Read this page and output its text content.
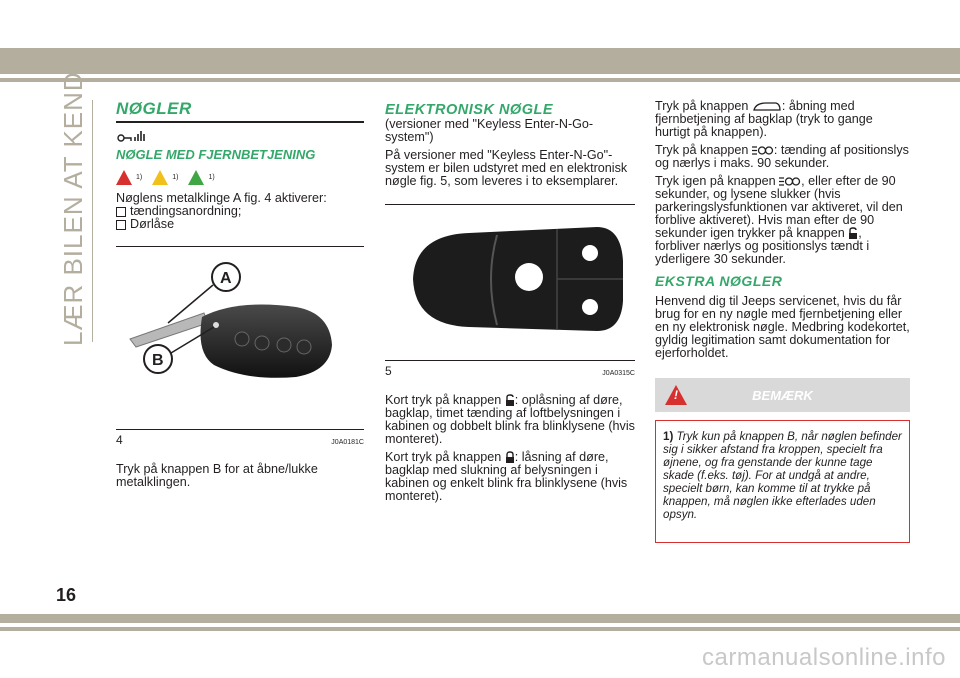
LÆR BILEN AT KENDE NØGLER
NØGLE MED FJERNBETJENING
1)	1)	1)

Nøglens metalklinge A fig. 4 aktiverer:

tændingsanordning;
Dørlåse
A
B
4	J0A0181C

Tryk på knappen B for at åbne/lukke metalklingen.

ELEKTRONISK NØGLE

(versioner med "Keyless Enter-N-Go-system")

På versioner med "Keyless Enter-N-Go"-system er bilen udstyret med en elektronisk nøgle fig. 5, som leveres i to eksemplarer.

5	J0A0315C

Kort tryk på knappen : oplåsning af døre, bagklap, timet tænding af loftbelysningen i kabinen og dobbelt blink fra blinklysene (hvis monteret).

Kort tryk på knappen : låsning af døre, bagklap med slukning af belysningen i kabinen og enkelt blink fra blinklysene (hvis monteret).

Tryk på knappen	: åbning med fjernbetjening af bagklap (tryk to gange hurtigt på knappen).

Tryk på knappen : tænding af positionslys og nærlys i maks. 90 sekunder.

Tryk igen på knappen , eller efter de 90 sekunder, og lysene slukker (hvis parkeringslysfunktionen var aktiveret, vil den forblive aktiveret). Hvis man efter de 90 sekunder igen trykker på knappen , forbliver nærlys og positionslys tændt i yderligere 30 sekunder.

EKSTRA NØGLER

Henvend dig til Jeeps servicenet, hvis du får brug for en ny nøgle med fjernbetjening eller en ny elektronisk nøgle. Medbring kodekortet, gyldig legitimation samt dokumentation for ejerforholdet.

!	BEMÆRK
1) Tryk kun på knappen B, når nøglen befinder sig i sikker afstand fra kroppen, specielt fra øjnene, og fra genstande der kunne tage skade (f.eks. tøj). For at undgå at andre, specielt børn, kan komme til at trykke på knappen, må nøglen ikke efterlades uden opsyn.
16
carmanualsonline.info
